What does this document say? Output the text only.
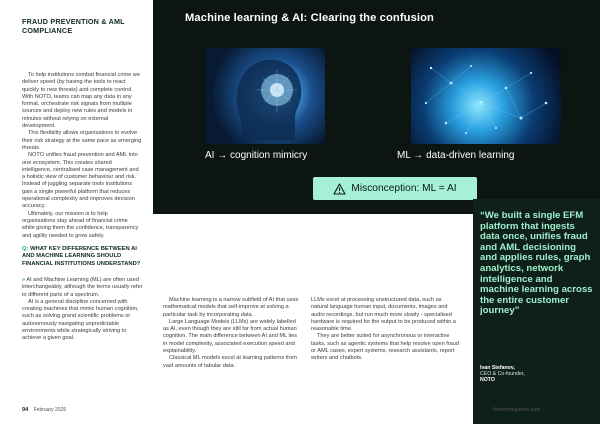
FRAUD PREVENTION & AML COMPLIANCE

To help institutions combat financial crime we deliver speed (by having the tools to react quickly to new threats) and complete control. With NOTO, teams can map any data in any format, orchestrate risk signals from multiple sources and deploy new rules and models in minutes without relying on external development.

This flexibility allows organisations to evolve their risk strategy at the same pace as emerging threats.

NOTO unifies fraud prevention and AML into one ecosystem. This creates shared intelligence, centralised case management and a holistic view of customer behaviour and risk. Instead of juggling separate tools institutions gain a single powerful platform that reduces operational complexity and improves decision accuracy.

Ultimately, our mission is to help organisations stay ahead of financial crime while giving them the confidence, transparency and agility needed to grow safely.

Q: WHAT KEY DIFFERENCE BETWEEN AI AND MACHINE LEARNING SHOULD FINANCIAL INSTITUTIONS UNDERSTAND?

» AI and Machine Learning (ML) are often used interchangeably, although the terms usually refer to different parts of a spectrum.

AI is a general discipline concerned with creating machines that mimic human cognition, such as solving grand scientific problems or autonomously navigating unpredictable environments while strategically striving to achieve a given goal.

94 February 2026
Machine learning & AI: Clearing the confusion
AI → cognition mimicry	ML → data-driven learning
Misconception: ML = AI

Machine learning is a narrow subfield of AI that uses mathematical models that self-improve at solving a particular task by incorporating data.

Large Language Models (LLMs) are widely labelled as AI, even though they are still far from actual human cognition. The main difference between AI and ML lies in model complexity, associated execution speed and explainability.

Classical ML models excel at learning patterns from vast amounts of tabular data.

LLMs excel at processing unstructured data, such as natural language human input, documents, images and audio recordings, but run much more slowly - specialised hardware is required for the output to be produced within a reasonable time.

They are better suited for asynchronous or interactive tasks, such as agentic systems that help resolve open fraud or AML cases, expert systems, research assistants, report writers and chatbots.

“We built a single EFM platform that ingests data once, unifies fraud and AML decisioning and applies rules, graph analytics, network intelligence and machine learning across the entire customer journey”
Ivan Stefanov,
CEO & Co-founder,
NOTO
fintechmagazine.com 95
